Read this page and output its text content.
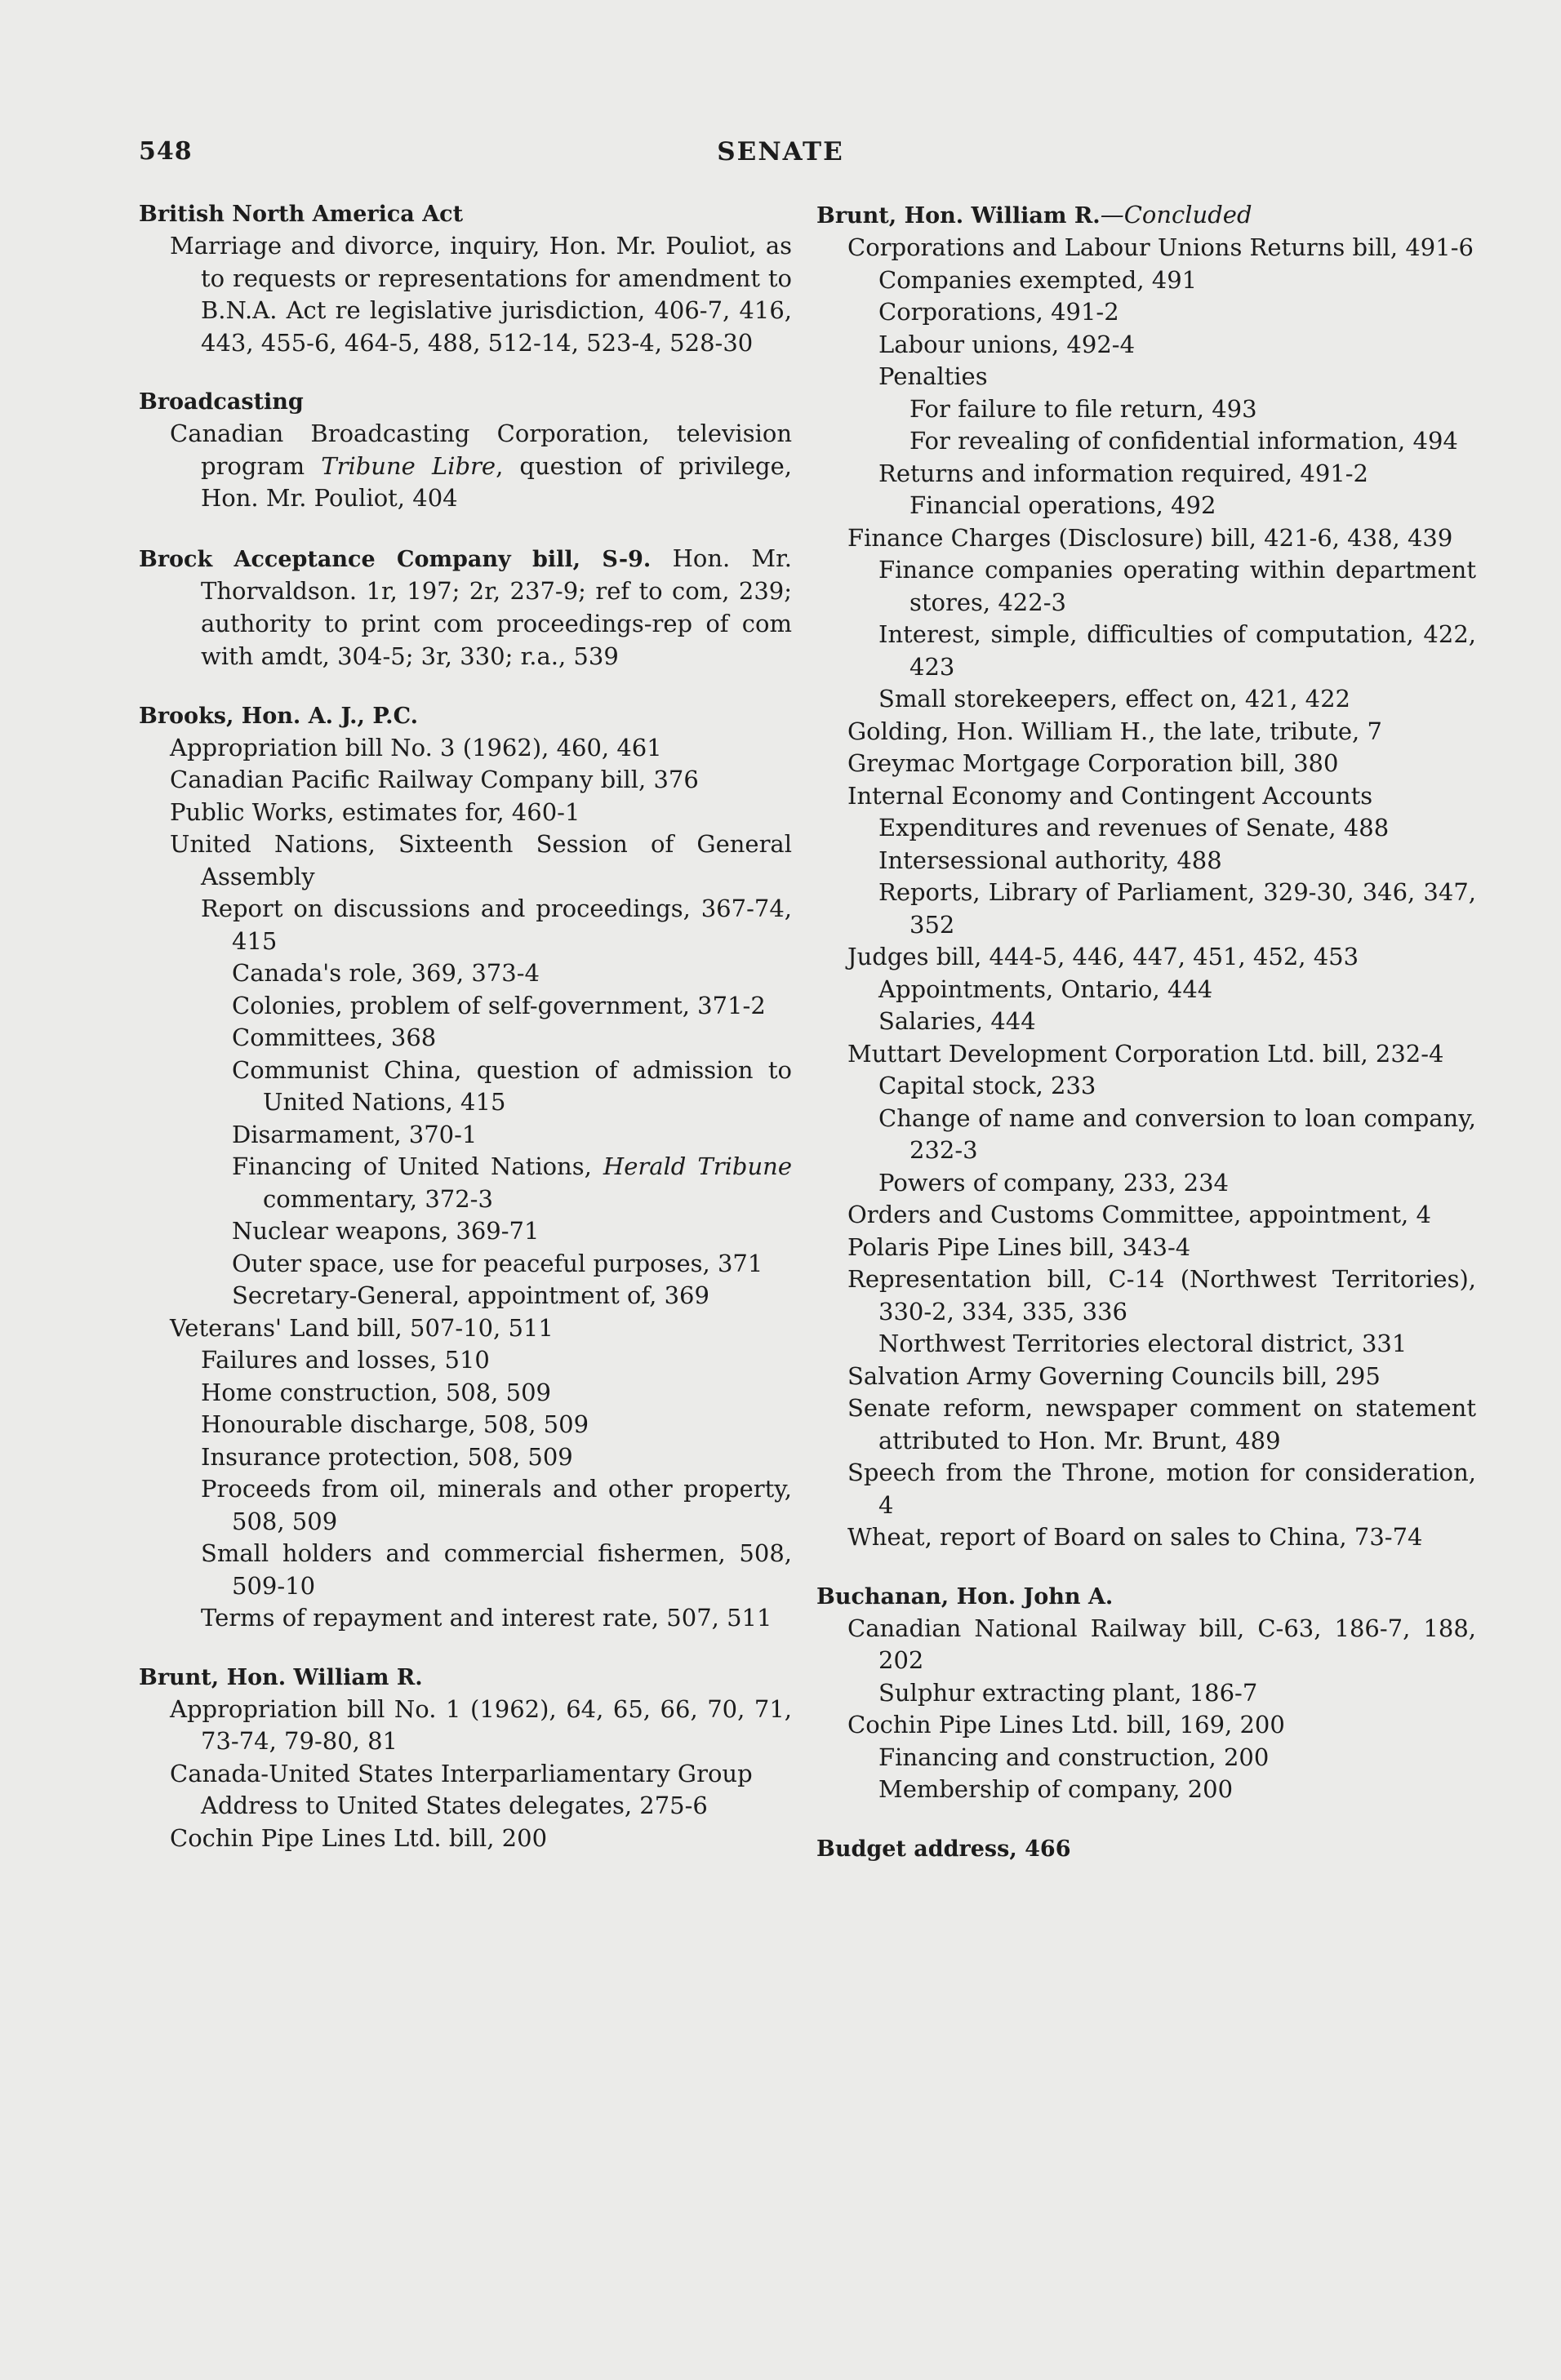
548	SENATE
British North America Act
Marriage and divorce, inquiry, Hon. Mr. Pouliot, as to requests or representations for amendment to B.N.A. Act re legislative jurisdiction, 406-7, 416, 443, 455-6, 464-5, 488, 512-14, 523-4, 528-30
Broadcasting
Canadian Broadcasting Corporation, television program Tribune Libre, question of privilege, Hon. Mr. Pouliot, 404
Brock Acceptance Company bill, S-9. Hon. Mr. Thorvaldson. 1r, 197; 2r, 237-9; ref to com, 239; authority to print com proceedings-rep of com with amdt, 304-5; 3r, 330; r.a., 539
Brooks, Hon. A. J., P.C.
Appropriation bill No. 3 (1962), 460, 461
Canadian Pacific Railway Company bill, 376
Public Works, estimates for, 460-1
United Nations, Sixteenth Session of General Assembly
Report on discussions and proceedings, 367-74, 415
Canada's role, 369, 373-4
Colonies, problem of self-government, 371-2
Committees, 368
Communist China, question of admission to United Nations, 415
Disarmament, 370-1
Financing of United Nations, Herald Tribune commentary, 372-3
Nuclear weapons, 369-71
Outer space, use for peaceful purposes, 371
Secretary-General, appointment of, 369
Veterans' Land bill, 507-10, 511
Failures and losses, 510
Home construction, 508, 509
Honourable discharge, 508, 509
Insurance protection, 508, 509
Proceeds from oil, minerals and other property, 508, 509
Small holders and commercial fishermen, 508, 509-10
Terms of repayment and interest rate, 507, 511
Brunt, Hon. William R.
Appropriation bill No. 1 (1962), 64, 65, 66, 70, 71, 73-74, 79-80, 81
Canada-United States Interparliamentary Group
Address to United States delegates, 275-6
Cochin Pipe Lines Ltd. bill, 200
Brunt, Hon. William R.—Concluded
Corporations and Labour Unions Returns bill, 491-6
Companies exempted, 491
Corporations, 491-2
Labour unions, 492-4
Penalties
For failure to file return, 493
For revealing of confidential information, 494
Returns and information required, 491-2
Financial operations, 492
Finance Charges (Disclosure) bill, 421-6, 438, 439
Finance companies operating within department stores, 422-3
Interest, simple, difficulties of computation, 422, 423
Small storekeepers, effect on, 421, 422
Golding, Hon. William H., the late, tribute, 7
Greymac Mortgage Corporation bill, 380
Internal Economy and Contingent Accounts
Expenditures and revenues of Senate, 488
Intersessional authority, 488
Reports, Library of Parliament, 329-30, 346, 347, 352
Judges bill, 444-5, 446, 447, 451, 452, 453
Appointments, Ontario, 444
Salaries, 444
Muttart Development Corporation Ltd. bill, 232-4
Capital stock, 233
Change of name and conversion to loan company, 232-3
Powers of company, 233, 234
Orders and Customs Committee, appointment, 4
Polaris Pipe Lines bill, 343-4
Representation bill, C-14 (Northwest Territories), 330-2, 334, 335, 336
Northwest Territories electoral district, 331
Salvation Army Governing Councils bill, 295
Senate reform, newspaper comment on statement attributed to Hon. Mr. Brunt, 489
Speech from the Throne, motion for consideration, 4
Wheat, report of Board on sales to China, 73-74
Buchanan, Hon. John A.
Canadian National Railway bill, C-63, 186-7, 188, 202
Sulphur extracting plant, 186-7
Cochin Pipe Lines Ltd. bill, 169, 200
Financing and construction, 200
Membership of company, 200
Budget address, 466
